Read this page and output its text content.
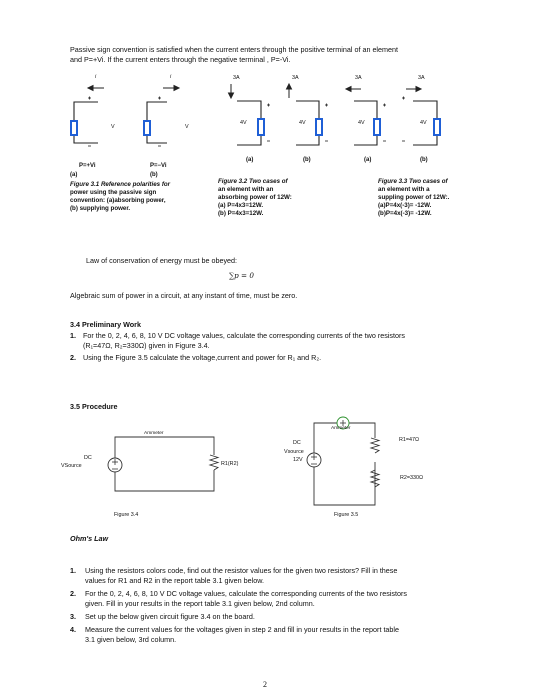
Passive sign convention is satisfied when the current enters through the positive terminal of an element
and P=+Vi. If the current enters through the negative terminal , P=-Vi.
i	i
V	V
P=+Vi	P=−Vi
(a)	(b)
Figure 3.1 Reference polarities for
power using the passive sign
convention: (a)absorbing power,
(b) supplying power.
3A	3A
4V	4V
(a)	(b)
Figure 3.2 Two cases of
an element with an
absorbing power of 12W:
(a) P=4x3=12W.
(b) P=4x3=12W.
3A	3A
4V	4V
(a)	(b)
Figure 3.3 Two cases of
an element with a
suppling power of 12W:.
(a)P=4x(-3)= -12W.
(b)P=4x(-3)= -12W.
Law of conservation of energy must be obeyed:
∑p = 0
Algebraic sum of power in a circuit, at any instant of time, must be zero.
3.4 Preliminary Work
1. For the 0, 2, 4, 6, 8, 10 V DC voltage values, calculate the corresponding currents of the two resistors
(R₁=47Ω, R₂=330Ω) given in Figure 3.4.
2. Using the Figure 3.5 calculate the voltage,current and power for R₁ and R₂.
3.5 Procedure
Ammeter
DC
VSource	R1(R2)
Figure 3.4
Ammeter
DC
Vsource
12V
R1=47Ω
R2=330Ω
Figure 3.5
Ohm's Law
1. Using the resistors colors code, find out the resistor values for the given two resistors? Fill in these
values for R1 and R2 in the report table 3.1 given below.
2. For the 0, 2, 4, 6, 8, 10 V DC voltage values, calculate the corresponding currents of the two resistors
given. Fill in your results in the report table 3.1 given below, 2nd column.
3. Set up the below given circuit figure 3.4 on the board.
4. Measure the current values for the voltages given in step 2 and fill in your results in the report table
3.1 given below, 3rd column.
2
